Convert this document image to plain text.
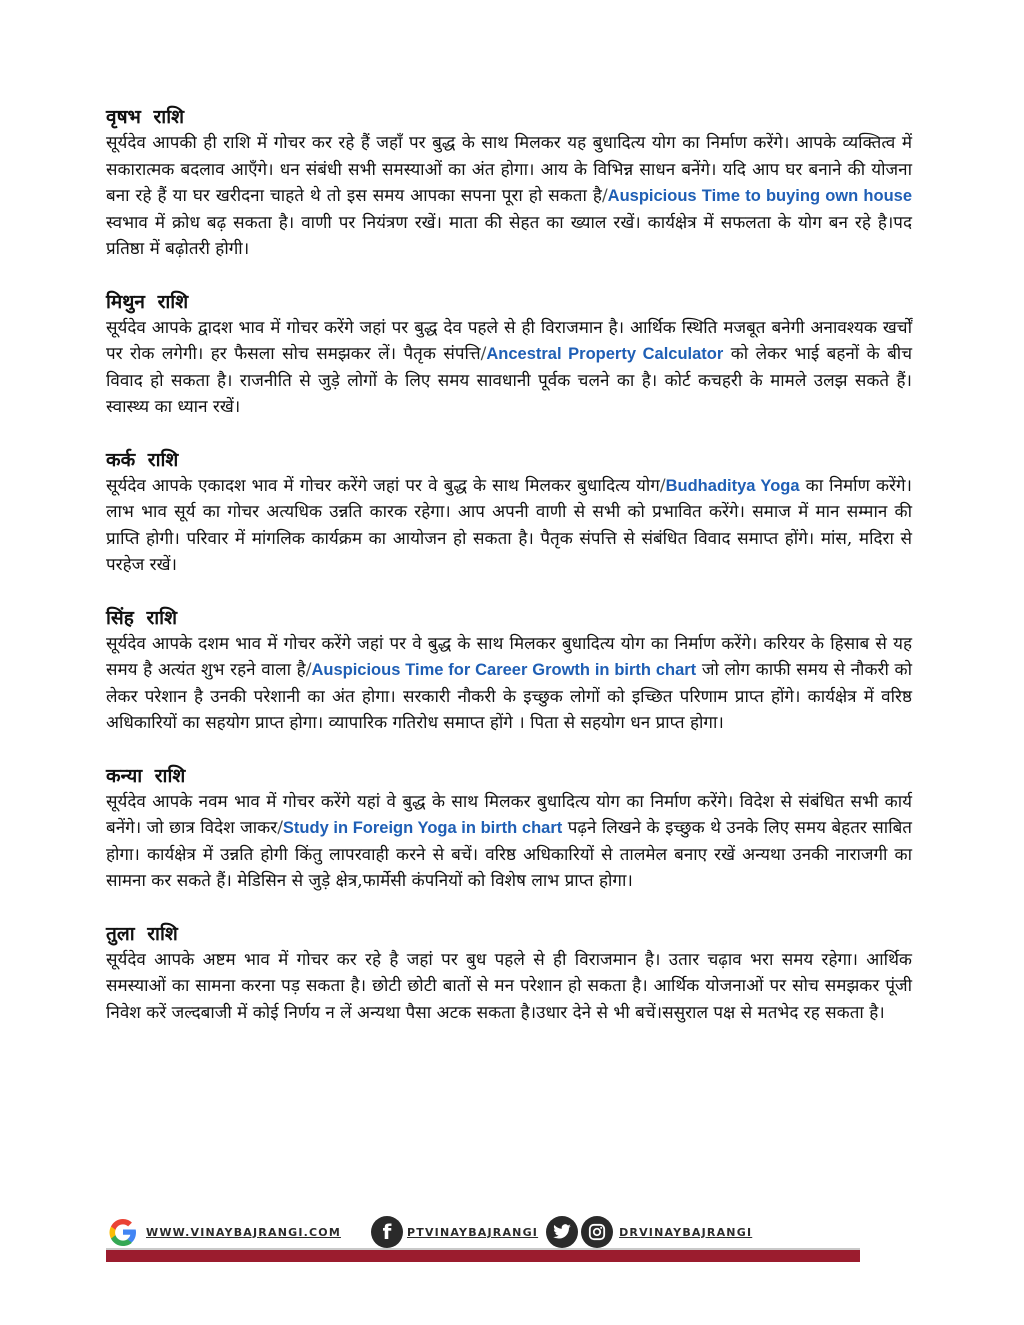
वृषभ राशि

सूर्यदेव आपकी ही राशि में गोचर कर रहे हैं जहाँ पर बुद्ध के साथ मिलकर यह बुधादित्य योग का निर्माण करेंगे। आपके व्यक्तित्व में सकारात्मक बदलाव आएँगे। धन संबंधी सभी समस्याओं का अंत होगा। आय के विभिन्न साधन बनेंगे। यदि आप घर बनाने की योजना बना रहे हैं या घर खरीदना चाहते थे तो इस समय आपका सपना पूरा हो सकता है/Auspicious Time to buying own house स्वभाव में क्रोध बढ़ सकता है। वाणी पर नियंत्रण रखें। माता की सेहत का ख्याल रखें। कार्यक्षेत्र में सफलता के योग बन रहे है।पद प्रतिष्ठा में बढ़ोतरी होगी।

मिथुन राशि

सूर्यदेव आपके द्वादश भाव में गोचर करेंगे जहां पर बुद्ध देव पहले से ही विराजमान है। आर्थिक स्थिति मजबूत बनेगी अनावश्यक खर्चों पर रोक लगेगी। हर फैसला सोच समझकर लें। पैतृक संपत्ति/Ancestral Property Calculator को लेकर भाई बहनों के बीच विवाद हो सकता है। राजनीति से जुड़े लोगों के लिए समय सावधानी पूर्वक चलने का है। कोर्ट कचहरी के मामले उलझ सकते हैं। स्वास्थ्य का ध्यान रखें।

कर्क राशि

सूर्यदेव आपके एकादश भाव में गोचर करेंगे जहां पर वे बुद्ध के साथ मिलकर बुधादित्य योग/Budhaditya Yoga का निर्माण करेंगे। लाभ भाव सूर्य का गोचर अत्यधिक उन्नति कारक रहेगा। आप अपनी वाणी से सभी को प्रभावित करेंगे। समाज में मान सम्मान की प्राप्ति होगी। परिवार में मांगलिक कार्यक्रम का आयोजन हो सकता है। पैतृक संपत्ति से संबंधित विवाद समाप्त होंगे। मांस, मदिरा से परहेज रखें।

सिंह राशि

सूर्यदेव आपके दशम भाव में गोचर करेंगे जहां पर वे बुद्ध के साथ मिलकर बुधादित्य योग का निर्माण करेंगे। करियर के हिसाब से यह समय है अत्यंत शुभ रहने वाला है/Auspicious Time for Career Growth in birth chart जो लोग काफी समय से नौकरी को लेकर परेशान है उनकी परेशानी का अंत होगा। सरकारी नौकरी के इच्छुक लोगों को इच्छित परिणाम प्राप्त होंगे। कार्यक्षेत्र में वरिष्ठ अधिकारियों का सहयोग प्राप्त होगा। व्यापारिक गतिरोध समाप्त होंगे । पिता से सहयोग धन प्राप्त होगा।

कन्या राशि

सूर्यदेव आपके नवम भाव में गोचर करेंगे यहां वे बुद्ध के साथ मिलकर बुधादित्य योग का निर्माण करेंगे। विदेश से संबंधित सभी कार्य बनेंगे। जो छात्र विदेश जाकर/Study in Foreign Yoga in birth chart पढ़ने लिखने के इच्छुक थे उनके लिए समय बेहतर साबित होगा। कार्यक्षेत्र में उन्नति होगी किंतु लापरवाही करने से बचें। वरिष्ठ अधिकारियों से तालमेल बनाए रखें अन्यथा उनकी नाराजगी का सामना कर सकते हैं। मेडिसिन से जुड़े क्षेत्र,फार्मेसी कंपनियों को विशेष लाभ प्राप्त होगा।

तुला राशि

सूर्यदेव आपके अष्टम भाव में गोचर कर रहे है जहां पर बुध पहले से ही विराजमान है। उतार चढ़ाव भरा समय रहेगा। आर्थिक समस्याओं का सामना करना पड़ सकता है। छोटी छोटी बातों से मन परेशान हो सकता है। आर्थिक योजनाओं पर सोच समझकर पूंजी निवेश करें जल्दबाजी में कोई निर्णय न लें अन्यथा पैसा अटक सकता है।उधार देने से भी बचें।ससुराल पक्ष से मतभेद रह सकता है।

WWW.VINAYBAJRANGI.COM	f	PTVINAYBAJRANGI	DRVINAYBAJRANGI
